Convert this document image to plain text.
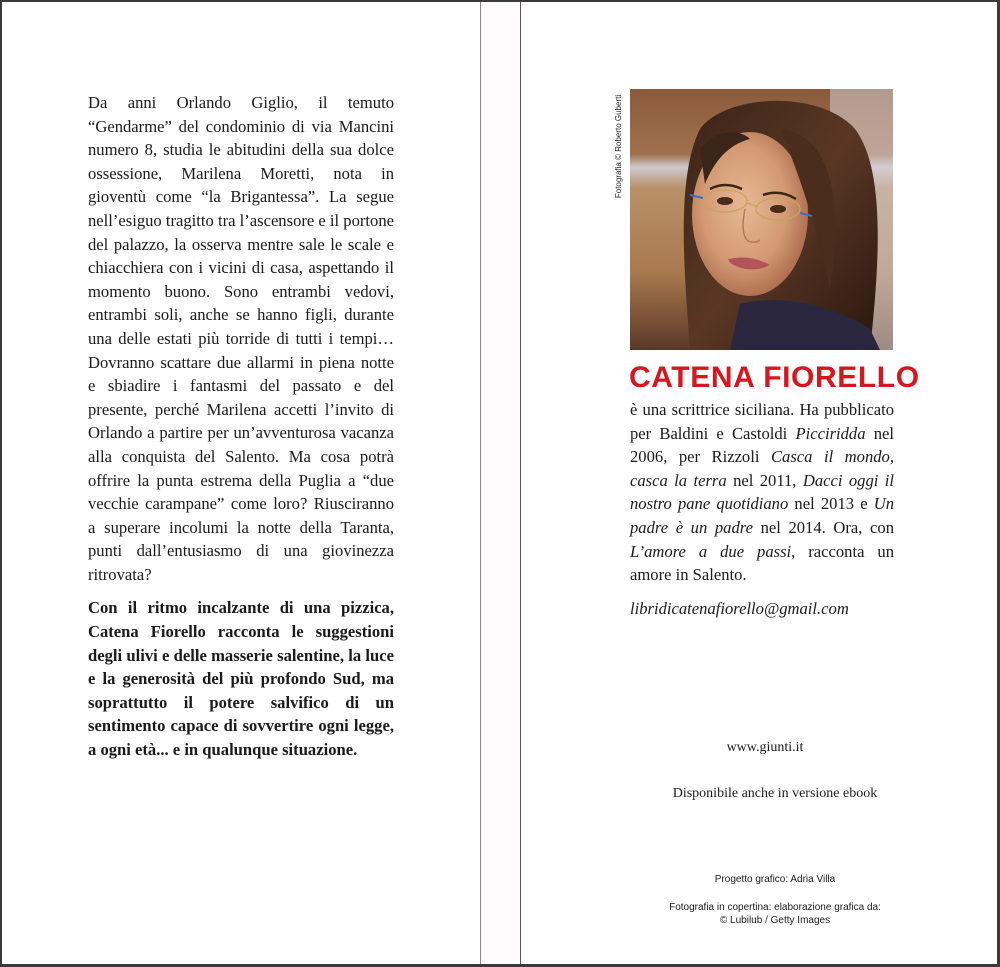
Da anni Orlando Giglio, il temuto “Gendarme” del condominio di via Mancini numero 8, studia le abitudini della sua dolce ossessione, Marilena Moretti, nota in gioventù come “la Brigantessa”. La segue nell’esiguo tragitto tra l’ascensore e il portone del palazzo, la osserva mentre sale le scale e chiacchiera con i vicini di casa, aspettando il momento buono. Sono entrambi vedovi, entrambi soli, anche se hanno figli, durante una delle estati più torride di tutti i tempi… Dovranno scattare due allarmi in piena notte e sbiadire i fantasmi del passato e del presente, perché Marilena accetti l’invito di Orlando a partire per un’avventurosa vacanza alla conquista del Salento. Ma cosa potrà offrire la punta estrema della Puglia a “due vecchie carampane” come loro? Riusciranno a superare incolumi la notte della Taranta, punti dall’entusiasmo di una giovinezza ritrovata?

Con il ritmo incalzante di una pizzica, Catena Fiorello racconta le suggestioni degli ulivi e delle masserie salentine, la luce e la generosità del più profondo Sud, ma soprattutto il potere salvifico di un sentimento capace di sovvertire ogni legge, a ogni età... e in qualunque situazione.

Fotografia © Roberto Guberti
CATENA FIORELLO

è una scrittrice siciliana. Ha pubblicato per Baldini e Castoldi Picciridda nel 2006, per Rizzoli Casca il mondo, casca la terra nel 2011, Dacci oggi il nostro pane quotidiano nel 2013 e Un padre è un padre nel 2014. Ora, con L’amore a due passi, racconta un amore in Salento.

libridicatenafiorello@gmail.com
www.giunti.it
Disponibile anche in versione ebook
Progetto grafico: Adria Villa
Fotografia in copertina: elaborazione grafica da:
© Lubilub / Getty Images
